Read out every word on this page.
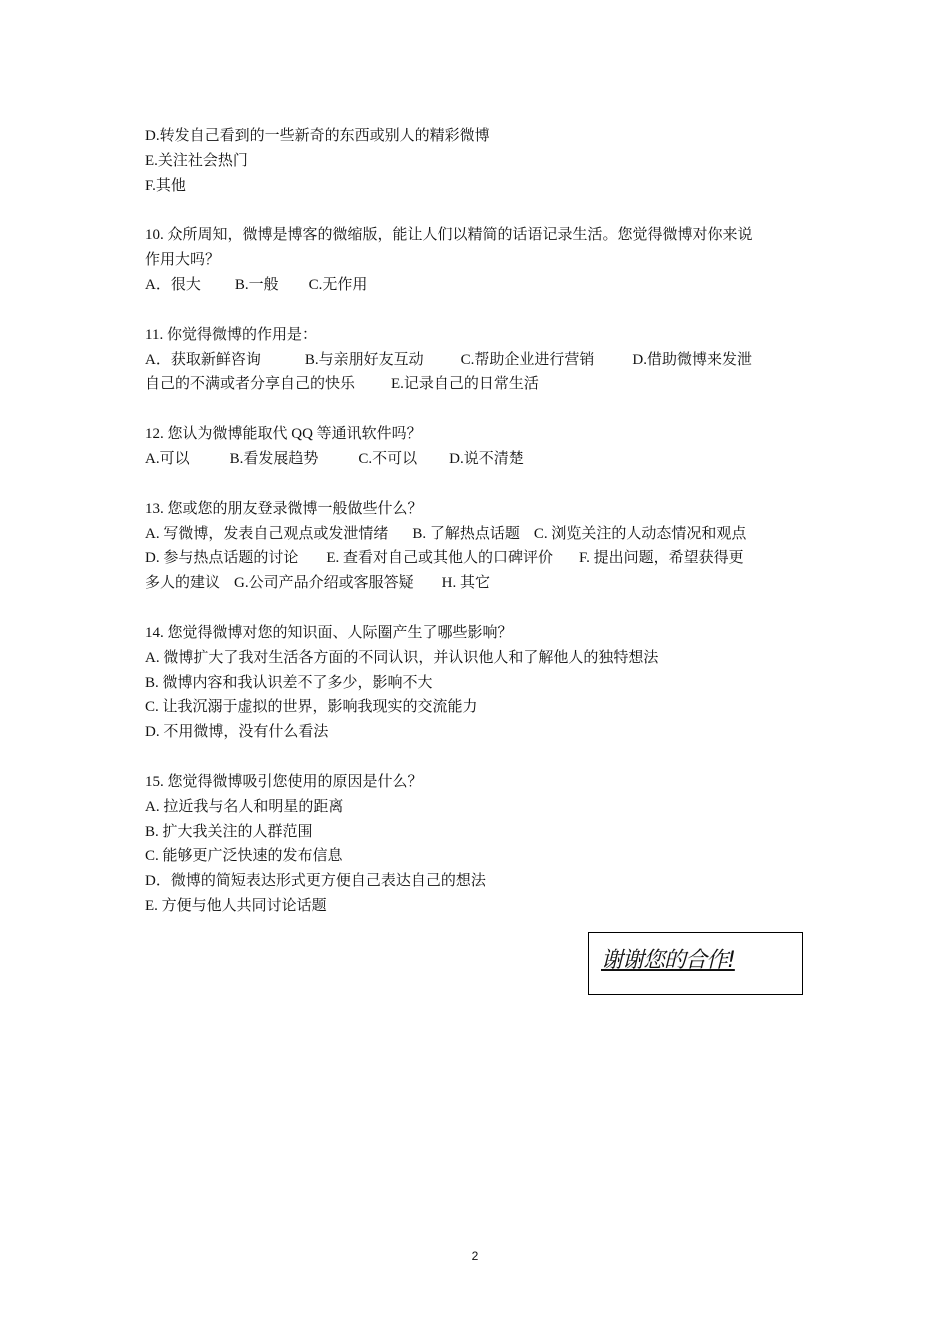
D.转发自己看到的一些新奇的东西或别人的精彩微博
E.关注社会热门
F.其他
10. 众所周知，微博是博客的微缩版，能让人们以精简的话语记录生活。您觉得微博对你来说
作用大吗？
A．很大 B.一般 C.无作用
11. 你觉得微博的作用是：
A．获取新鲜咨询	B.与亲朋好友互动 C.帮助企业进行营销	D.借助微博来发泄
自己的不满或者分享自己的快乐 E.记录自己的日常生活
12. 您认为微博能取代 QQ 等通讯软件吗？
A.可以	B.看发展趋势	C.不可以 D.说不清楚
13. 您或您的朋友登录微博一般做些什么？
A. 写微博，发表自己观点或发泄情绪 B. 了解热点话题 C. 浏览关注的人动态情况和观点
D. 参与热点话题的讨论 E. 查看对自己或其他人的口碑评价 F. 提出问题，希望获得更
多人的建议 G.公司产品介绍或客服答疑 H. 其它
14. 您觉得微博对您的知识面、人际圈产生了哪些影响？
A. 微博扩大了我对生活各方面的不同认识，并认识他人和了解他人的独特想法
B. 微博内容和我认识差不了多少，影响不大
C. 让我沉溺于虚拟的世界，影响我现实的交流能力
D. 不用微博，没有什么看法
15. 您觉得微博吸引您使用的原因是什么？
A. 拉近我与名人和明星的距离
B. 扩大我关注的人群范围
C. 能够更广泛快速的发布信息
D．微博的简短表达形式更方便自己表达自己的想法
E. 方便与他人共同讨论话题
谢谢您的合作!
2
